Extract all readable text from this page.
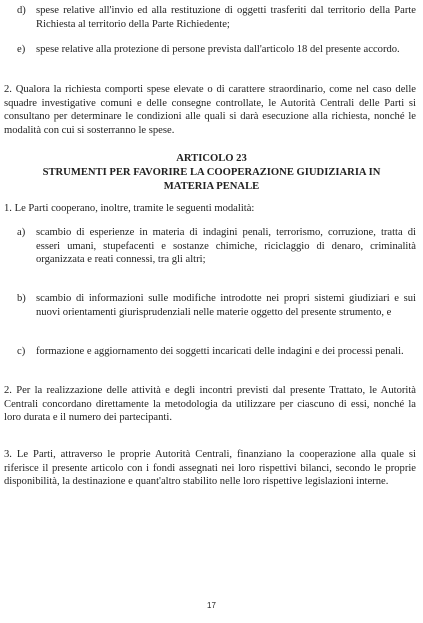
d) spese relative all'invio ed alla restituzione di oggetti trasferiti dal territorio della Parte Richiesta al territorio della Parte Richiedente;
e)	spese relative alla protezione di persone prevista dall'articolo 18 del presente accordo.

2. Qualora la richiesta comporti spese elevate o di carattere straordinario, come nel caso delle squadre investigative comuni e delle consegne controllate, le Autorità Centrali delle Parti si consultano per determinare le condizioni alle quali si darà esecuzione alla richiesta, nonché le modalità con cui si sosterranno le spese.

ARTICOLO 23
STRUMENTI PER FAVORIRE LA COOPERAZIONE GIUDIZIARIA IN
MATERIA PENALE

1. Le Parti cooperano, inoltre, tramite le seguenti modalità:

a)	scambio di esperienze in materia di indagini penali, terrorismo, corruzione, tratta di esseri umani, stupefacenti e sostanze chimiche, riciclaggio di denaro, criminalità organizzata e reati connessi, tra gli altri;
b) scambio di informazioni sulle modifiche introdotte nei propri sistemi giudiziari e sui nuovi orientamenti giurisprudenziali nelle materie oggetto del presente strumento, e
c)	formazione e aggiornamento dei soggetti incaricati delle indagini e dei processi penali.

2. Per la realizzazione delle attività e degli incontri previsti dal presente Trattato, le Autorità Centrali concordano direttamente la metodologia da utilizzare per ciascuno di essi, nonché la loro durata e il numero dei partecipanti.

3. Le Parti, attraverso le proprie Autorità Centrali, finanziano la cooperazione alla quale si riferisce il presente articolo con i fondi assegnati nei loro rispettivi bilanci, secondo le proprie disponibilità, la destinazione e quant'altro stabilito nelle loro rispettive legislazioni interne.

17
